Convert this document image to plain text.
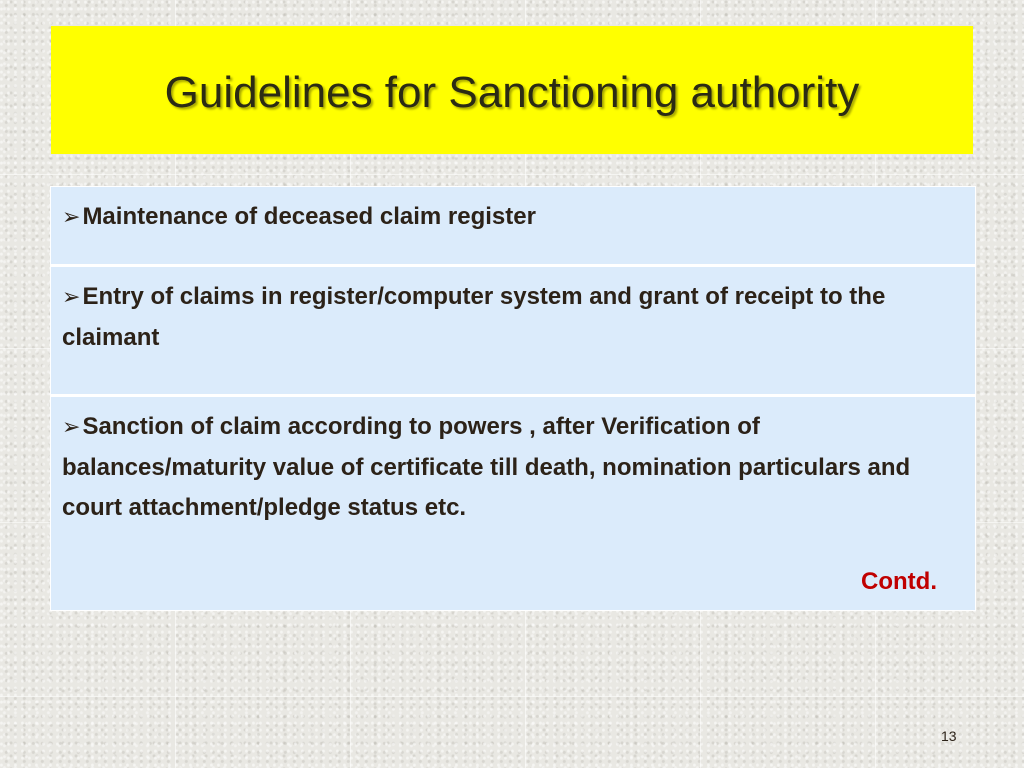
Guidelines for Sanctioning authority
➢Maintenance of deceased claim register
➢Entry of claims in register/computer system and grant of receipt to the claimant
➢Sanction of claim according to powers , after Verification of balances/maturity value of certificate till death, nomination particulars and court attachment/pledge status etc.
Contd.
13
